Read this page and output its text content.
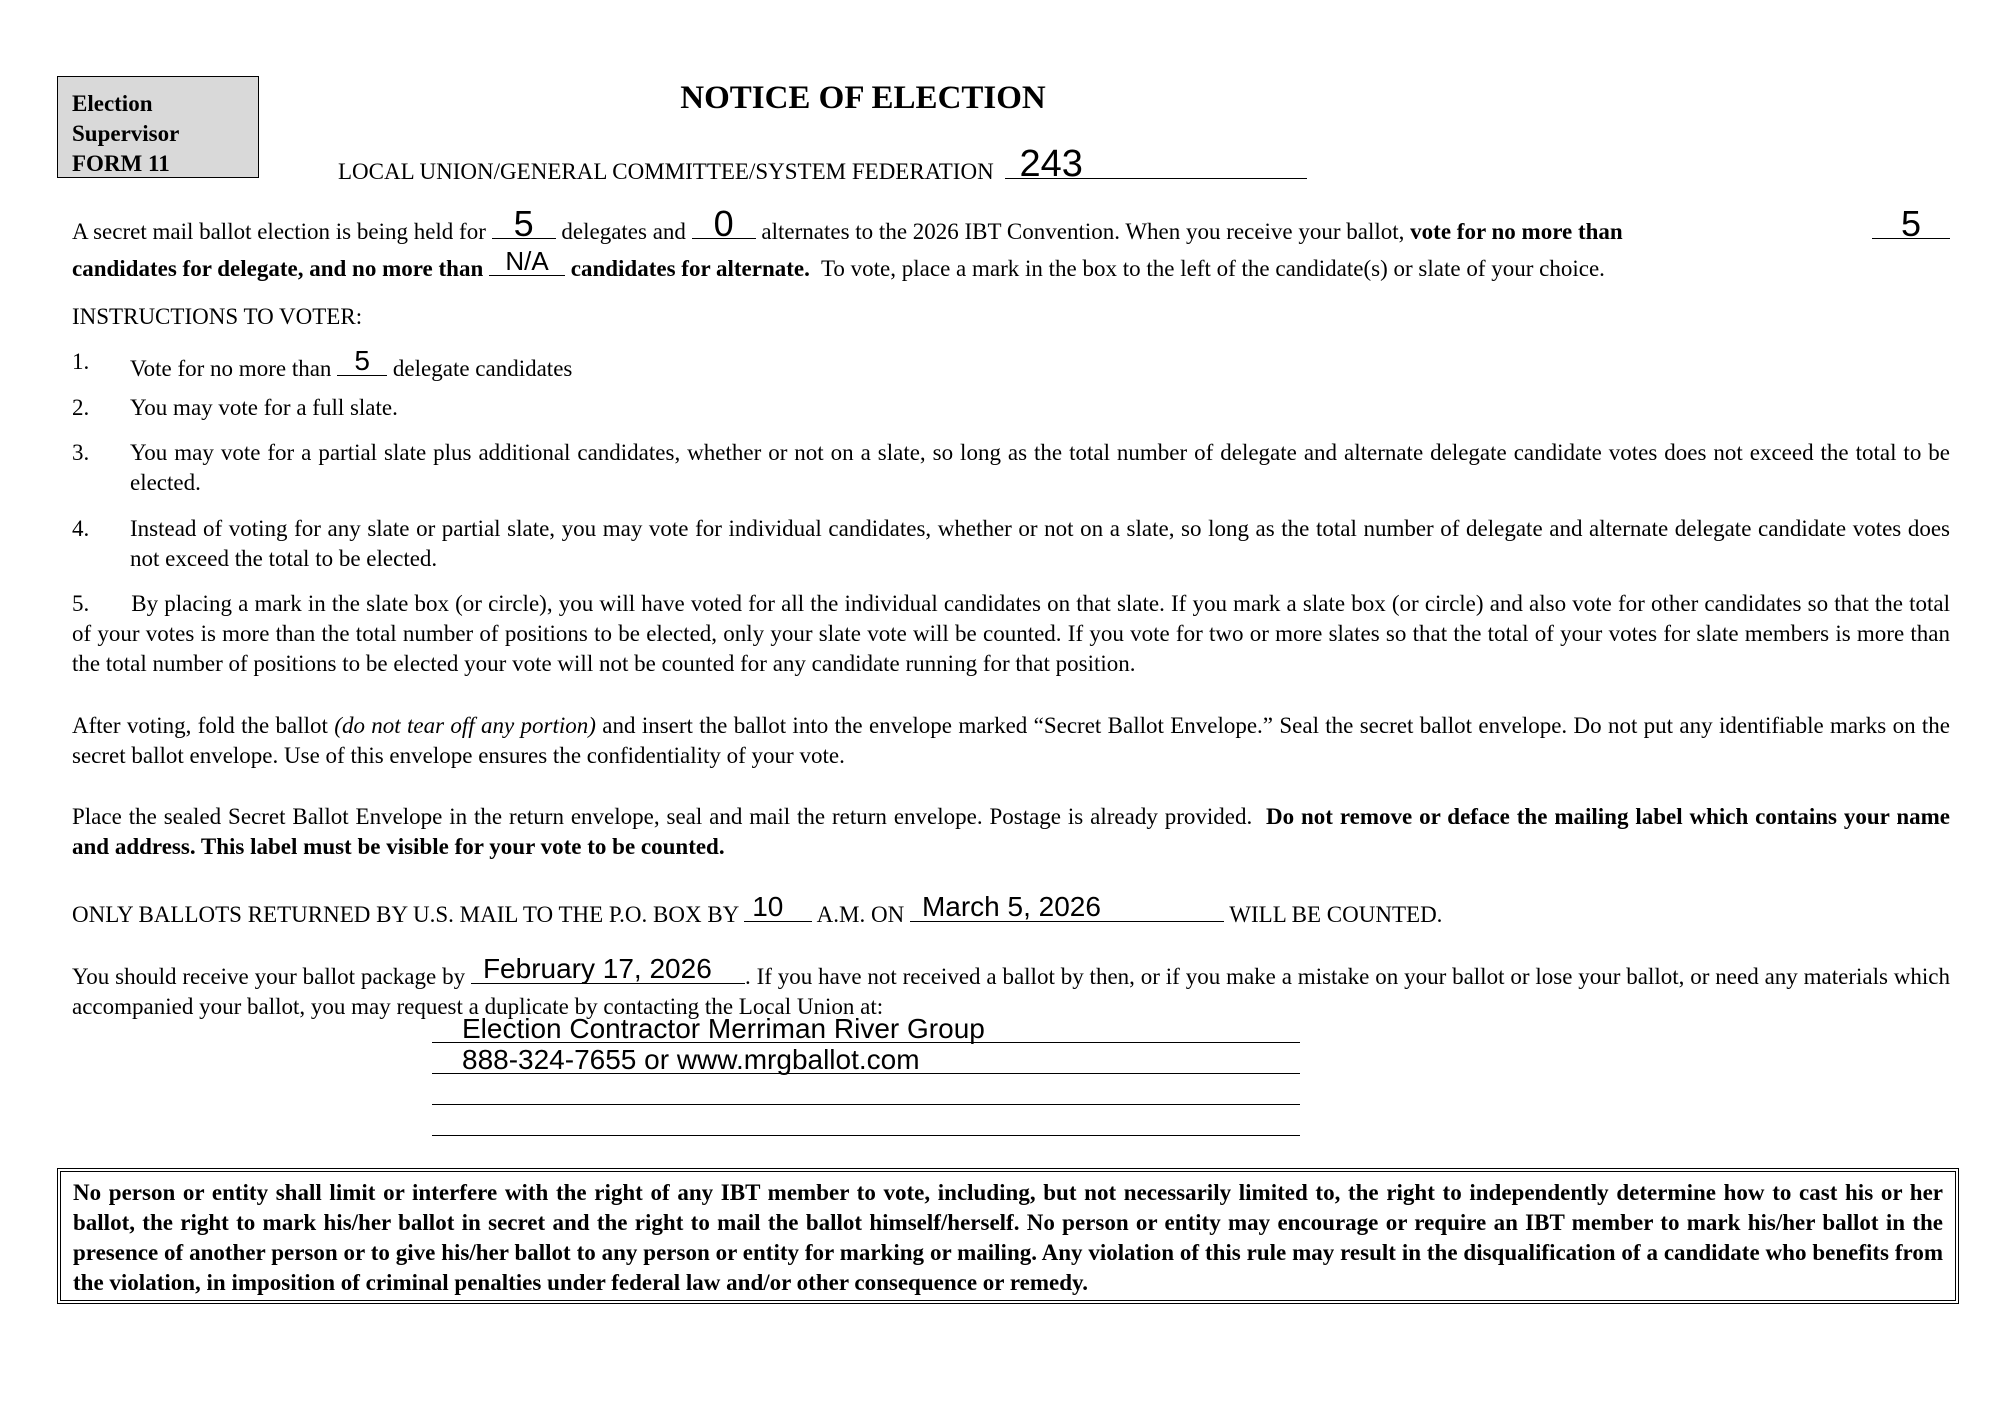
Election
Supervisor
FORM 11
NOTICE OF ELECTION
LOCAL UNION/GENERAL COMMITTEE/SYSTEM FEDERATION 243
A secret mail ballot election is being held for 5	delegates and 0	alternates to the 2026 IBT Convention. When you receive your ballot, vote for no more than	5
candidates for delegate, and no more than N/A candidates for alternate. To vote, place a mark in the box to the left of the candidate(s) or slate of your choice.
INSTRUCTIONS TO VOTER:
1. Vote for no more than 5 delegate candidates
2. You may vote for a full slate.
3. You may vote for a partial slate plus additional candidates, whether or not on a slate, so long as the total number of delegate and alternate delegate candidate votes does not exceed the total to be elected.
4. Instead of voting for any slate or partial slate, you may vote for individual candidates, whether or not on a slate, so long as the total number of delegate and alternate delegate candidate votes does not exceed the total to be elected.
5. By placing a mark in the slate box (or circle), you will have voted for all the individual candidates on that slate. If you mark a slate box (or circle) and also vote for other candidates so that the total of your votes is more than the total number of positions to be elected, only your slate vote will be counted. If you vote for two or more slates so that the total of your votes for slate members is more than the total number of positions to be elected your vote will not be counted for any candidate running for that position.
After voting, fold the ballot (do not tear off any portion) and insert the ballot into the envelope marked “Secret Ballot Envelope.” Seal the secret ballot envelope. Do not put any identifiable marks on the secret ballot envelope. Use of this envelope ensures the confidentiality of your vote.
Place the sealed Secret Ballot Envelope in the return envelope, seal and mail the return envelope. Postage is already provided. Do not remove or deface the mailing label which contains your name and address. This label must be visible for your vote to be counted.
ONLY BALLOTS RETURNED BY U.S. MAIL TO THE P.O. BOX BY 10	A.M. ON March 5, 2026	WILL BE COUNTED.
You should receive your ballot package by February 17, 2026	. If you have not received a ballot by then, or if you make a mistake on your ballot or lose your ballot, or need any materials which accompanied your ballot, you may request a duplicate by contacting the Local Union at:
Election Contractor Merriman River Group
888-324-7655 or www.mrgballot.com
No person or entity shall limit or interfere with the right of any IBT member to vote, including, but not necessarily limited to, the right to independently determine how to cast his or her ballot, the right to mark his/her ballot in secret and the right to mail the ballot himself/herself. No person or entity may encourage or require an IBT member to mark his/her ballot in the presence of another person or to give his/her ballot to any person or entity for marking or mailing. Any violation of this rule may result in the disqualification of a candidate who benefits from the violation, in imposition of criminal penalties under federal law and/or other consequence or remedy.
